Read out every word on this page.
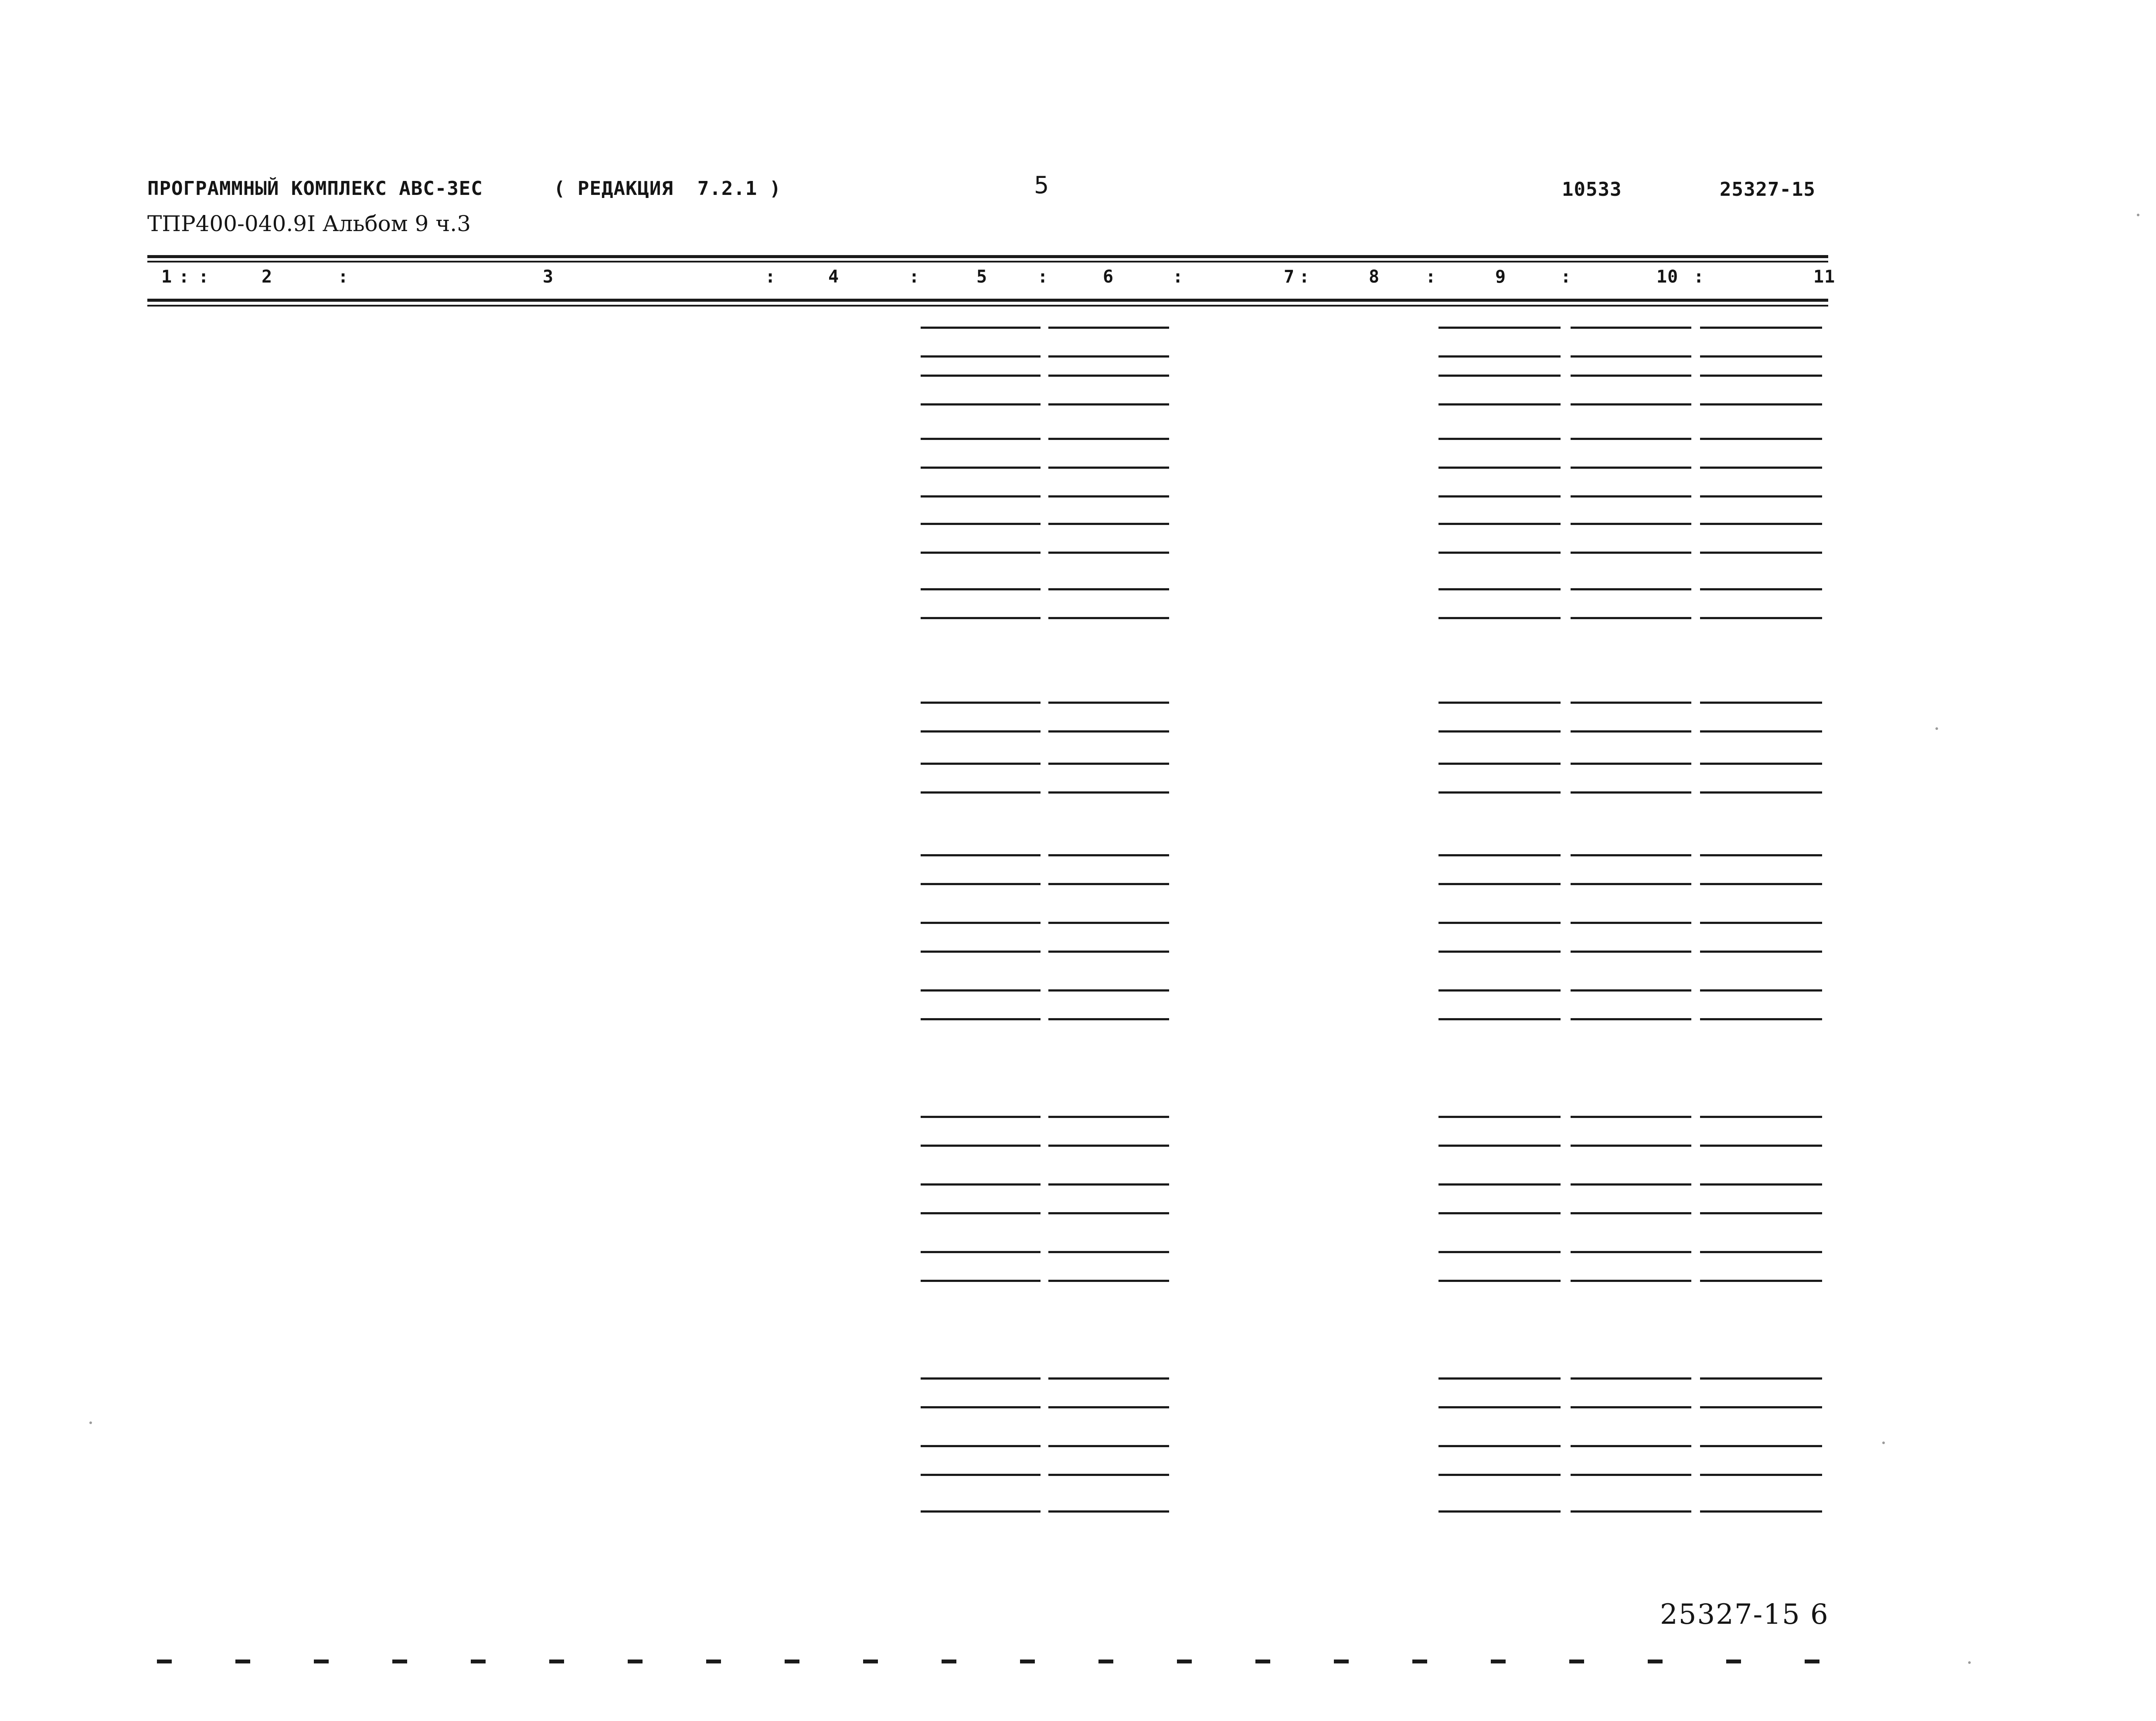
ПРОГРАММНЫЙ КОМПЛЕКС АВС-ЗЕС	( РЕДАКЦИЯ  7.2.1 )	5	10533	25327-15
ТПР400-040.9I Альбом 9 ч.3
1	2	3	4	5	6	7	8	9	10	11
: :	:	:	:	:	:	:	:	:	:
25327-15 6
